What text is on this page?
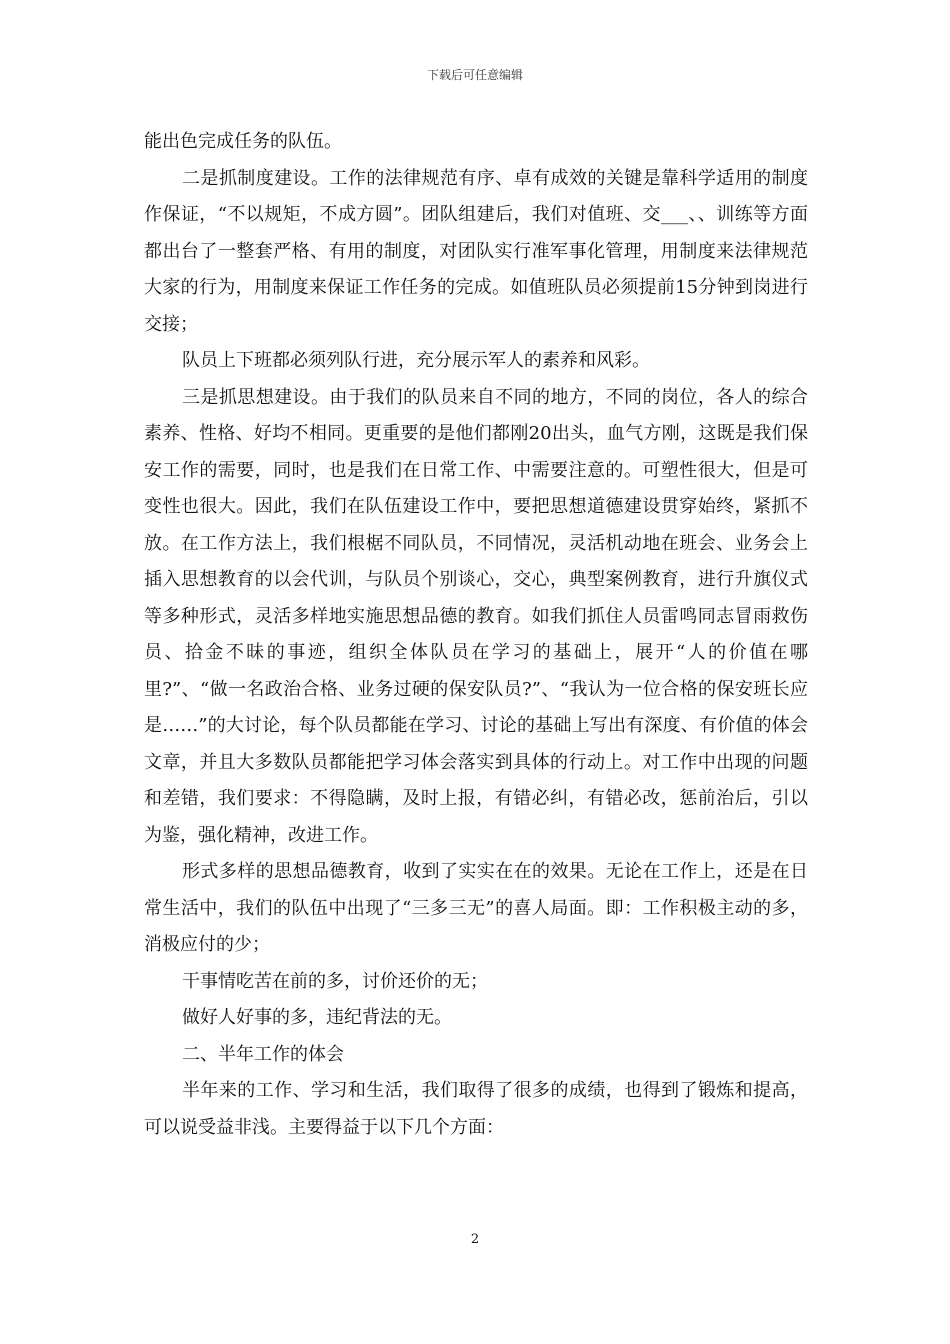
下载后可任意编辑

能出色完成任务的队伍。

二是抓制度建设。工作的法律规范有序、卓有成效的关键是靠科学适用的制度作保证，“不以规矩，不成方圆”。团队组建后，我们对值班、交___、、训练等方面都出台了一整套严格、有用的制度，对团队实行准军事化管理，用制度来法律规范大家的行为，用制度来保证工作任务的完成。如值班队员必须提前15分钟到岗进行交接；

队员上下班都必须列队行进，充分展示军人的素养和风彩。

三是抓思想建设。由于我们的队员来自不同的地方，不同的岗位，各人的综合素养、性格、好均不相同。更重要的是他们都刚20出头，血气方刚，这既是我们保安工作的需要，同时，也是我们在日常工作、中需要注意的。可塑性很大，但是可变性也很大。因此，我们在队伍建设工作中，要把思想道德建设贯穿始终，紧抓不放。在工作方法上，我们根椐不同队员，不同情况，灵活机动地在班会、业务会上插入思想教育的以会代训，与队员个别谈心，交心，典型案例教育，进行升旗仪式等多种形式，灵活多样地实施思想品德的教育。如我们抓住人员雷鸣同志冒雨救伤员、拾金不昧的事迹，组织全体队员在学习的基础上，展开“人的价值在哪里?”、“做一名政治合格、业务过硬的保安队员?”、“我认为一位合格的保安班长应是……”的大讨论，每个队员都能在学习、讨论的基础上写出有深度、有价值的体会文章，并且大多数队员都能把学习体会落实到具体的行动上。对工作中出现的问题和差错，我们要求：不得隐瞒，及时上报，有错必纠，有错必改，惩前治后，引以为鉴，强化精神，改进工作。

形式多样的思想品德教育，收到了实实在在的效果。无论在工作上，还是在日常生活中，我们的队伍中出现了“三多三无”的喜人局面。即：工作积极主动的多，消极应付的少；

干事情吃苦在前的多，讨价还价的无；

做好人好事的多，违纪背法的无。

二、半年工作的体会

半年来的工作、学习和生活，我们取得了很多的成绩，也得到了锻炼和提高，可以说受益非浅。主要得益于以下几个方面：

2
